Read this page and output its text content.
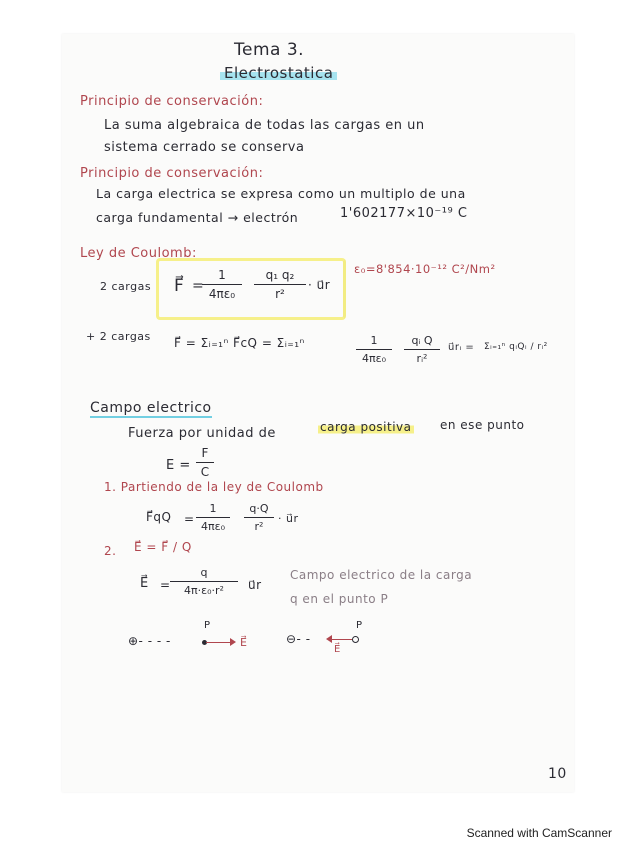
Tema 3.
Electrostatica
Principio de conservación:
La suma algebraica de todas las cargas en un
sistema cerrado se conserva
Principio de conservación:
La carga electrica se expresa como un multiplo de una
carga fundamental → electrón	1'602177×10⁻¹⁹ C
Ley de Coulomb:
2 cargas F⃗ =
1
4πε₀
q₁ q₂
r²
· u⃗r
ε₀=8'854·10⁻¹² C²/Nm²
+ 2 cargas F⃗ = Σᵢ₌₁ⁿ F⃗cQ = Σᵢ₌₁ⁿ	1
4πε₀
qᵢ Q
rᵢ²
u⃗rᵢ = Σᵢ₌₁ⁿ qᵢQᵢ / rᵢ²
Campo electrico
Fuerza por unidad de	carga positiva en ese punto
E =
F
C
1. Partiendo de la ley de Coulomb
F⃗qQ =
1
4πε₀
q·Q
r²
· u⃗r
2. E⃗ = F⃗ / Q
E⃗ =
q
4π·ε₀·r² u⃗r
Campo electrico de la carga
q en el punto P
⊕- - - -
P
E⃗	⊖- -
E⃗
P
10
Scanned with CamScanner
